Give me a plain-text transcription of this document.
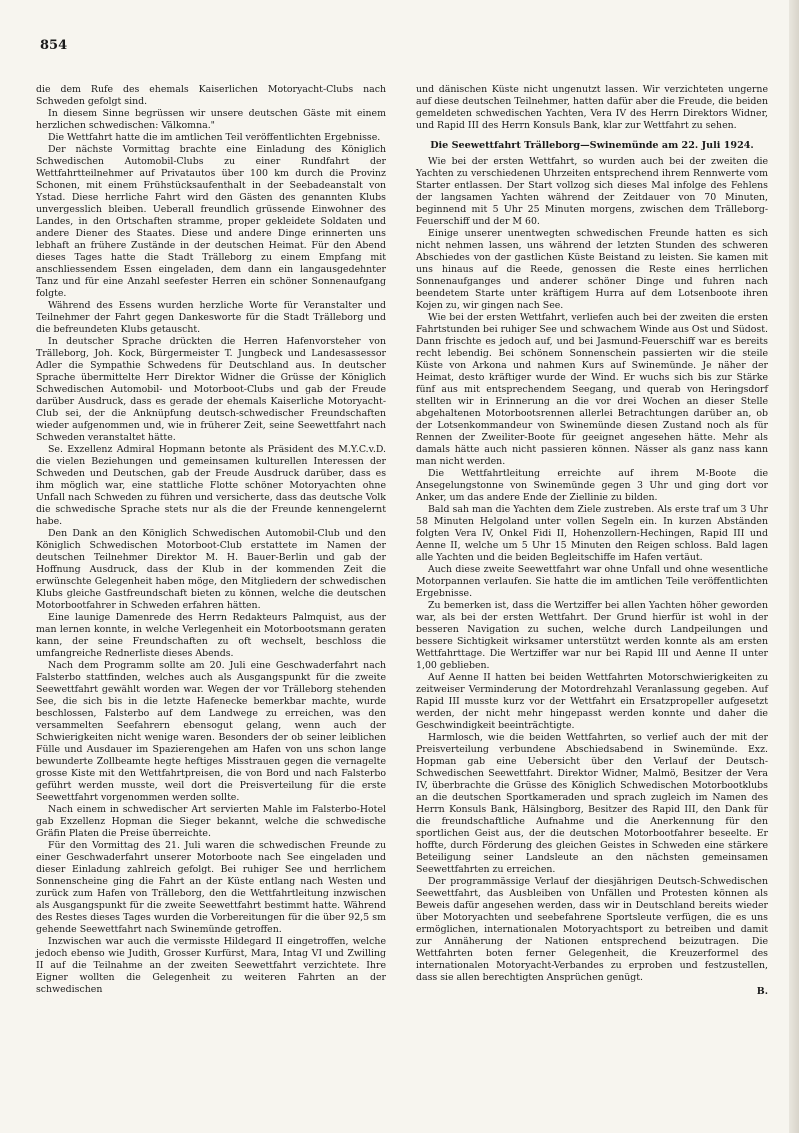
854

die dem Rufe des ehemals Kaiserlichen Motoryacht-Clubs nach Schweden gefolgt sind.

In diesem Sinne begrüssen wir unsere deutschen Gäste mit einem herzlichen schwedischen: Välkomna."

Die Wettfahrt hatte die im amtlichen Teil veröffentlichten Ergebnisse.

Der nächste Vormittag brachte eine Einladung des Königlich Schwedischen Automobil-Clubs zu einer Rundfahrt der Wettfahrtteilnehmer auf Privatautos über 100 km durch die Provinz Schonen, mit einem Frühstücksaufenthalt in der Seebadeanstalt von Ystad. Diese herrliche Fahrt wird den Gästen des genannten Klubs unvergesslich bleiben. Ueberall freundlich grüssende Einwohner des Landes, in den Ortschaften stramme, proper gekleidete Soldaten und andere Diener des Staates. Diese und andere Dinge erinnerten uns lebhaft an frühere Zustände in der deutschen Heimat. Für den Abend dieses Tages hatte die Stadt Trälleborg zu einem Empfang mit anschliessendem Essen eingeladen, dem dann ein langausgedehnter Tanz und für eine Anzahl seefester Herren ein schöner Sonnenaufgang folgte.

Während des Essens wurden herzliche Worte für Veranstalter und Teilnehmer der Fahrt gegen Dankesworte für die Stadt Trälleborg und die befreundeten Klubs getauscht.

In deutscher Sprache drückten die Herren Hafenvorsteher von Trälleborg, Joh. Kock, Bürgermeister T. Jungbeck und Landesassessor Adler die Sympathie Schwedens für Deutschland aus. In deutscher Sprache übermittelte Herr Direktor Widner die Grüsse der Königlich Schwedischen Automobil- und Motorboot-Clubs und gab der Freude darüber Ausdruck, dass es gerade der ehemals Kaiserliche Motoryacht-Club sei, der die Anknüpfung deutsch-schwedischer Freundschaften wieder aufgenommen und, wie in früherer Zeit, seine Seewettfahrt nach Schweden veranstaltet hätte.

Se. Exzellenz Admiral Hopmann betonte als Präsident des M.Y.C.v.D. die vielen Beziehungen und gemeinsamen kulturellen Interessen der Schweden und Deutschen, gab der Freude Ausdruck darüber, dass es ihm möglich war, eine stattliche Flotte schöner Motoryachten ohne Unfall nach Schweden zu führen und versicherte, dass das deutsche Volk die schwedische Sprache stets nur als die der Freunde kennengelernt habe.

Den Dank an den Königlich Schwedischen Automobil-Club und den Königlich Schwedischen Motorboot-Club erstattete im Namen der deutschen Teilnehmer Direktor M. H. Bauer-Berlin und gab der Hoffnung Ausdruck, dass der Klub in der kommenden Zeit die erwünschte Gelegenheit haben möge, den Mitgliedern der schwedischen Klubs gleiche Gastfreundschaft bieten zu können, welche die deutschen Motorbootfahrer in Schweden erfahren hätten.

Eine launige Damenrede des Herrn Redakteurs Palmquist, aus der man lernen konnte, in welche Verlegenheit ein Motorbootsmann geraten kann, der seine Freundschaften zu oft wechselt, beschloss die umfangreiche Rednerliste dieses Abends.

Nach dem Programm sollte am 20. Juli eine Geschwaderfahrt nach Falsterbo stattfinden, welches auch als Ausgangspunkt für die zweite Seewettfahrt gewählt worden war. Wegen der vor Trälleborg stehenden See, die sich bis in die letzte Hafenecke bemerkbar machte, wurde beschlossen, Falsterbo auf dem Landwege zu erreichen, was den versammelten Seefahrern ebensogut gelang, wenn auch der Schwierigkeiten nicht wenige waren. Besonders der ob seiner leiblichen Fülle und Ausdauer im Spazierengehen am Hafen von uns schon lange bewunderte Zollbeamte hegte heftiges Misstrauen gegen die vernagelte grosse Kiste mit den Wettfahrtpreisen, die von Bord und nach Falsterbo geführt werden musste, weil dort die Preisverteilung für die erste Seewettfahrt vorgenommen werden sollte.

Nach einem in schwedischer Art servierten Mahle im Falsterbo-Hotel gab Exzellenz Hopman die Sieger bekannt, welche die schwedische Gräfin Platen die Preise überreichte.

Für den Vormittag des 21. Juli waren die schwedischen Freunde zu einer Geschwaderfahrt unserer Motorboote nach See eingeladen und dieser Einladung zahlreich gefolgt. Bei ruhiger See und herrlichem Sonnenscheine ging die Fahrt an der Küste entlang nach Westen und zurück zum Hafen von Trälleborg, den die Wettfahrtleitung inzwischen als Ausgangspunkt für die zweite Seewettfahrt bestimmt hatte. Während des Restes dieses Tages wurden die Vorbereitungen für die über 92,5 sm gehende Seewettfahrt nach Swinemünde getroffen.

Inzwischen war auch die vermisste Hildegard II eingetroffen, welche jedoch ebenso wie Judith, Grosser Kurfürst, Mara, Intag VI und Zwilling II auf die Teilnahme an der zweiten Seewettfahrt verzichtete. Ihre Eigner wollten die Gelegenheit zu weiteren Fahrten an der schwedischen

und dänischen Küste nicht ungenutzt lassen. Wir verzichteten ungerne auf diese deutschen Teilnehmer, hatten dafür aber die Freude, die beiden gemeldeten schwedischen Yachten, Vera IV des Herrn Direktors Widner, und Rapid III des Herrn Konsuls Bank, klar zur Wettfahrt zu sehen.

Die Seewettfahrt Trälleborg—Swinemünde am 22. Juli 1924.

Wie bei der ersten Wettfahrt, so wurden auch bei der zweiten die Yachten zu verschiedenen Uhrzeiten entsprechend ihrem Rennwerte vom Starter entlassen. Der Start vollzog sich dieses Mal infolge des Fehlens der langsamen Yachten während der Zeitdauer von 70 Minuten, beginnend mit 5 Uhr 25 Minuten morgens, zwischen dem Trälleborg-Feuerschiff und der M 60.

Einige unserer unentwegten schwedischen Freunde hatten es sich nicht nehmen lassen, uns während der letzten Stunden des schweren Abschiedes von der gastlichen Küste Beistand zu leisten. Sie kamen mit uns hinaus auf die Reede, genossen die Reste eines herrlichen Sonnenaufganges und anderer schöner Dinge und fuhren nach beendetem Starte unter kräftigem Hurra auf dem Lotsenboote ihren Kojen zu, wir gingen nach See.

Wie bei der ersten Wettfahrt, verliefen auch bei der zweiten die ersten Fahrtstunden bei ruhiger See und schwachem Winde aus Ost und Südost. Dann frischte es jedoch auf, und bei Jasmund-Feuerschiff war es bereits recht lebendig. Bei schönem Sonnenschein passierten wir die steile Küste von Arkona und nahmen Kurs auf Swinemünde. Je näher der Heimat, desto kräftiger wurde der Wind. Er wuchs sich bis zur Stärke fünf aus mit entsprechendem Seegang, und querab von Heringsdorf stellten wir in Erinnerung an die vor drei Wochen an dieser Stelle abgehaltenen Motorbootsrennen allerlei Betrachtungen darüber an, ob der Lotsenkommandeur von Swinemünde diesen Zustand noch als für Rennen der Zweiliter-Boote für geeignet angesehen hätte. Mehr als damals hätte auch nicht passieren können. Nässer als ganz nass kann man nicht werden.

Die Wettfahrtleitung erreichte auf ihrem M-Boote die Ansegelungstonne von Swinemünde gegen 3 Uhr und ging dort vor Anker, um das andere Ende der Ziellinie zu bilden.

Bald sah man die Yachten dem Ziele zustreben. Als erste traf um 3 Uhr 58 Minuten Helgoland unter vollen Segeln ein. In kurzen Abständen folgten Vera IV, Onkel Fidi II, Hohenzollern-Hechingen, Rapid III und Aenne II, welche um 5 Uhr 15 Minuten den Reigen schloss. Bald lagen alle Yachten und die beiden Begleitschiffe im Hafen vertäut.

Auch diese zweite Seewettfahrt war ohne Unfall und ohne wesentliche Motorpannen verlaufen. Sie hatte die im amtlichen Teile veröffentlichten Ergebnisse.

Zu bemerken ist, dass die Wertziffer bei allen Yachten höher geworden war, als bei der ersten Wettfahrt. Der Grund hierfür ist wohl in der besseren Navigation zu suchen, welche durch Landpeilungen und bessere Sichtigkeit wirksamer unterstützt werden konnte als am ersten Wettfahrttage. Die Wertziffer war nur bei Rapid III und Aenne II unter 1,00 geblieben.

Auf Aenne II hatten bei beiden Wettfahrten Motorschwierigkeiten zu zeitweiser Verminderung der Motordrehzahl Veranlassung gegeben. Auf Rapid III musste kurz vor der Wettfahrt ein Ersatzpropeller aufgesetzt werden, der nicht mehr hingepasst werden konnte und daher die Geschwindigkeit beeinträchtigte.

Harmlosch, wie die beiden Wettfahrten, so verlief auch der mit der Preisverteilung verbundene Abschiedsabend in Swinemünde. Exz. Hopman gab eine Uebersicht über den Verlauf der Deutsch-Schwedischen Seewettfahrt. Direktor Widner, Malmö, Besitzer der Vera IV, überbrachte die Grüsse des Königlich Schwedischen Motorbootklubs an die deutschen Sportkameraden und sprach zugleich im Namen des Herrn Konsuls Bank, Hälsingborg, Besitzer des Rapid III, den Dank für die freundschaftliche Aufnahme und die Anerkennung für den sportlichen Geist aus, der die deutschen Motorbootfahrer beseelte. Er hoffte, durch Förderung des gleichen Geistes in Schweden eine stärkere Beteiligung seiner Landsleute an den nächsten gemeinsamen Seewettfahrten zu erreichen.

Der programmässige Verlauf der diesjährigen Deutsch-Schwedischen Seewettfahrt, das Ausbleiben von Unfällen und Protesten können als Beweis dafür angesehen werden, dass wir in Deutschland bereits wieder über Motoryachten und seebefahrene Sportsleute verfügen, die es uns ermöglichen, internationalen Motoryachtsport zu betreiben und damit zur Annäherung der Nationen entsprechend beizutragen. Die Wettfahrten boten ferner Gelegenheit, die Kreuzerformel des internationalen Motoryacht-Verbandes zu erproben und festzustellen, dass sie allen berechtigten Ansprüchen genügt.

B.
